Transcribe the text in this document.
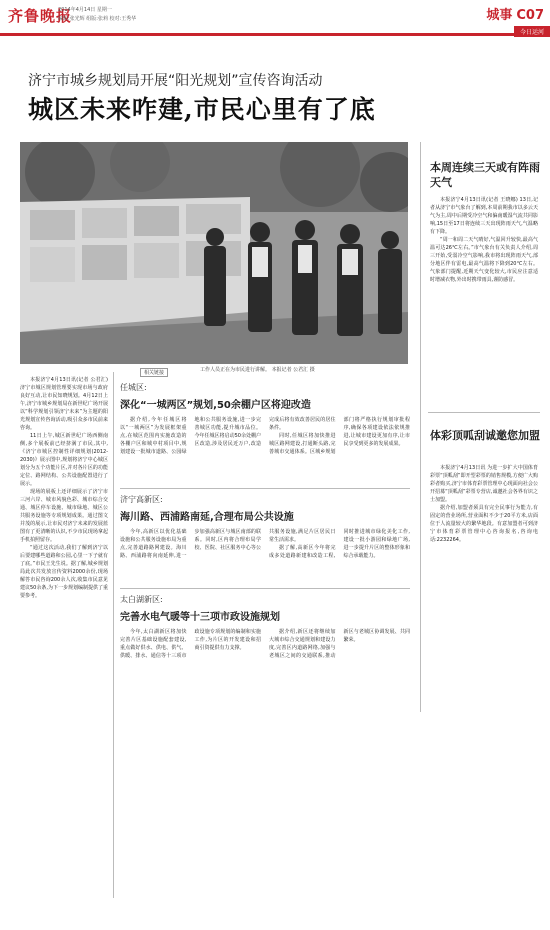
齐鲁晚报
2014年4月14日 星期一
编辑:张光辉 组版:张莉 校对:王秀华	城事 C07
今日运河
济宁市城乡规划局开展“阳光规划”宣传咨询活动
城区未来咋建,市民心里有了底
工作人员正在为市民进行讲解。 本报记者 公君汇 摄

本报济宁4月13日讯(记者 公君汇) 济宁市城区规划管理要实现市场与政府良好互动,让市民知晓规划。4月12日上午,济宁市城乡规划局在新世纪广场开展以“科学规划引领济宁未来”为主题的阳光规划宣传咨询活动,吸引众多市民前来咨询。

11日上午,城区新世纪广场西侧南侧,多个展板前已经挤满了市民,其中,《济宁市城区控制性详细规划(2012-2030)》展示图中,规划将济宁中心城区划分为五个功能片区,并对各片区的功能定位、路网结构、公共设施配置进行了展示。

现场的展板上还详细展示了济宁市三河六岸、城市风貌色彩、城市综合交通、城区停车设施、城市绿地、城区公共服务设施等专项规划成果。通过图文并茂的展示,让市民对济宁未来的发展蓝图有了更清晰的认识,不少市民现场拿起手机拍照留存。

“通过这次活动,我们了解到济宁以后要建哪些道路和公园,心里一下子就有了底。”市民王先生说。据了解,城乡规划局此次共发放宣传资料2000余份,现场解答市民咨询200余人次,收集市民意见建议50余条,为下一步规划编制提供了重要参考。

相关链接
任城区:
深化“一城两区”规划,50余棚户区将迎改造

据介绍,今年任城区将以“一城两区”为发展框架重点,在城区范围内实施改造的各棚户区和城中村项目中,规划建设一批城市道路、公园绿地和公共服务设施,进一步完善城区功能,提升城市品位。今年任城区将启动50余处棚户区改造,涉及居民近万户,改造完成后将有效改善居民的居住条件。

同时,任城区将加快推进城区路网建设,打通断头路,完善城市交通体系。区城乡规划部门将严格执行规划审批程序,确保各项建设依法依规推进,让城市建设更加有序,让市民享受到更多的发展成果。

济宁高新区:
海川路、西浦路南延,合理布局公共设施

今年,高新区以优化基础设施和公共服务设施布局为重点,完善道路路网建设。海川路、西浦路将向南延伸,进一步加强高新区与城区南部的联系。同时,区内将合理布局学校、医院、社区服务中心等公共服务设施,满足片区居民日常生活需求。

据了解,高新区今年将完成多处道路新建和改造工程,同时推进城市绿化美化工作,建设一批小游园和绿地广场,进一步提升片区的整体形象和综合承载能力。

太白湖新区:
完善水电气暖等十三项市政设施规划

今年,太白湖新区将加快完善片区基础设施配套建设,重点做好供水、供电、供气、供暖、排水、通信等十三项市政设施专项规划的编制和实施工作,为片区的开发建设和招商引资提供有力支撑。

据介绍,新区还将继续加大城市综合交通规划和建设力度,完善区内道路网络,加强与老城区之间的交通联系,推动新区与老城区协调发展、共同繁荣。

本周连续三天或有阵雨天气

本报济宁4月13日讯(记者 王晓娜) 13日,记者从济宁市气象台了解到,本周前期我市以多云天气为主,周中后期受冷空气和偏南暖湿气流共同影响,15日至17日将连续三天出现阵雨天气,气温略有下降。

“周一和周二天气晴好,气温回升较快,最高气温可达26℃左右。”市气象台有关负责人介绍,周三开始,受弱冷空气影响,我市将出现阵雨天气,部分地区伴有雷电,最高气温将下降到20℃左右。气象部门提醒,近期天气变化较大,市民应注意适时增减衣物,外出时携带雨具,谨防感冒。

体彩顶呱刮诚邀您加盟

本报济宁4月13日讯 为进一步扩大中国体育彩票“顶呱刮”即开型彩票的销售规模,方便广大购彩者购买,济宁市体育彩票管理中心现面向社会公开招募“顶呱刮”彩票专营店,诚邀社会各界有识之士加盟。

据介绍,加盟者须具有完全民事行为能力,有固定的营业场所,营业面积不少于20平方米,店面位于人流量较大的繁华地段。有意加盟者可到济宁市体育彩票管理中心咨询报名,咨询电话:2232264。
